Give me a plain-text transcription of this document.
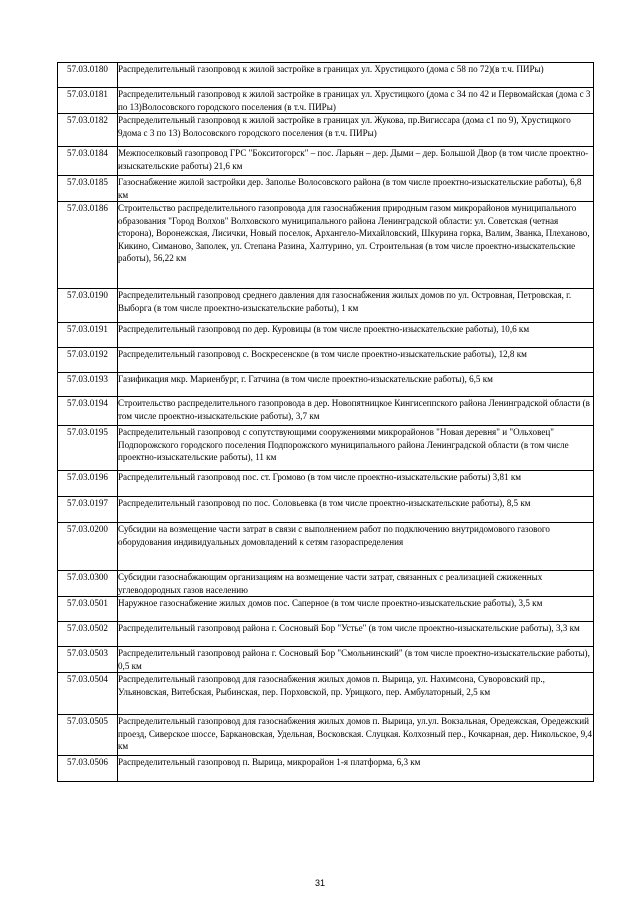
57.03.0180	Распределительный газопровод к жилой застройке в границах ул. Хрустицкого (дома с 58 по 72)(в т.ч. ПИРы)
57.03.0181	Распределительный газопровод к жилой застройке в границах ул. Хрустицкого (дома с 34 по 42 и Первомайская (дома с 3 по 13)Волосовского городского поселения (в т.ч. ПИРы)
57.03.0182	Распределительный газопровод к жилой застройке в границах ул. Жукова, пр.Вигиссара (дома с1 по 9), Хрустицкого 9дома с 3 по 13) Волосовского городского поселения (в т.ч. ПИРы)
57.03.0184	Межпоселковый газопровод ГРС "Бокситогорск" – пос. Ларьян – дер. Дыми – дер. Большой Двор (в том числе проектно-изыскательские работы) 21,6 км
57.03.0185	Газоснабжение жилой застройки дер. Заполье Волосовского района (в том числе проектно-изыскательские работы), 6,8 км
57.03.0186	Строительство распределительного газопровода для газоснабжения природным газом микрорайонов муниципального образования "Город Волхов" Волховского муниципального района Ленинградской области: ул. Советская (четная сторона), Воронежская, Лисички, Новый поселок, Архангело-Михайловский, Шкурина горка, Валим, Званка, Плеханово, Кикино, Симаново, Заполек, ул. Степана Разина, Халтурино, ул. Строительная (в том числе проектно-изыскательские работы), 56,22 км
57.03.0190	Распределительный газопровод среднего давления для газоснабжения жилых домов по ул. Островная, Петровская, г. Выборга (в том числе проектно-изыскательские работы), 1 км
57.03.0191	Распределительный газопровод по дер. Куровицы (в том числе проектно-изыскательские работы), 10,6 км
57.03.0192	Распределительный газопровод с. Воскресенское (в том числе проектно-изыскательские работы), 12,8 км
57.03.0193	Газификация мкр. Мариенбург, г. Гатчина (в том числе проектно-изыскательские работы), 6,5 км
57.03.0194	Строительство распределительного газопровода в дер. Новопятницкое Кингисеппского района Ленинградской области (в том числе проектно-изыскательские работы), 3,7 км
57.03.0195	Распределительный газопровод с сопутствующими сооружениями микрорайонов "Новая деревня" и "Ольховец" Подпорожского городского поселения Подпорожского муниципального района Ленинградской области (в том числе проектно-изыскательские работы), 11 км
57.03.0196	Распределительный газопровод пос. ст. Громово (в том числе проектно-изыскательские работы) 3,81 км
57.03.0197	Распределительный газопровод по пос. Соловьевка (в том числе проектно-изыскательские работы), 8,5 км
57.03.0200	Субсидии на возмещение части затрат в связи с выполнением работ по подключению внутридомового газового оборудования индивидуальных домовладений к сетям газораспределения
57.03.0300	Субсидии газоснабжающим организациям на возмещение части затрат, связанных с реализацией сжиженных углеводородных газов населению
57.03.0501	Наружное газоснабжение жилых домов пос. Саперное (в том числе проектно-изыскательские работы), 3,5 км
57.03.0502	Распределительный газопровод района г. Сосновый Бор "Устье" (в том числе проектно-изыскательские работы), 3,3 км
57.03.0503	Распределительный газопровод района г. Сосновый Бор "Смольнинский" (в том числе проектно-изыскательские работы), 0,5 км
57.03.0504	Распределительный газопровод для газоснабжения жилых домов п. Вырица, ул. Нахимсона, Суворовский пр., Ульяновская, Витебская, Рыбинская, пер. Порховской, пр. Урицкого, пер. Амбулаторный, 2,5 км
57.03.0505	Распределительный газопровод для газоснабжения жилых домов п. Вырица, ул.ул. Вокзальная, Оредежская, Оредежский проезд, Сиверское шоссе, Баркановская, Удельная, Восковская. Слуцкая. Колхозный пер., Кочкарная, дер. Никольское, 9,4 км
57.03.0506	Распределительный газопровод п. Вырица, микрорайон 1-я платформа, 6,3 км
31
